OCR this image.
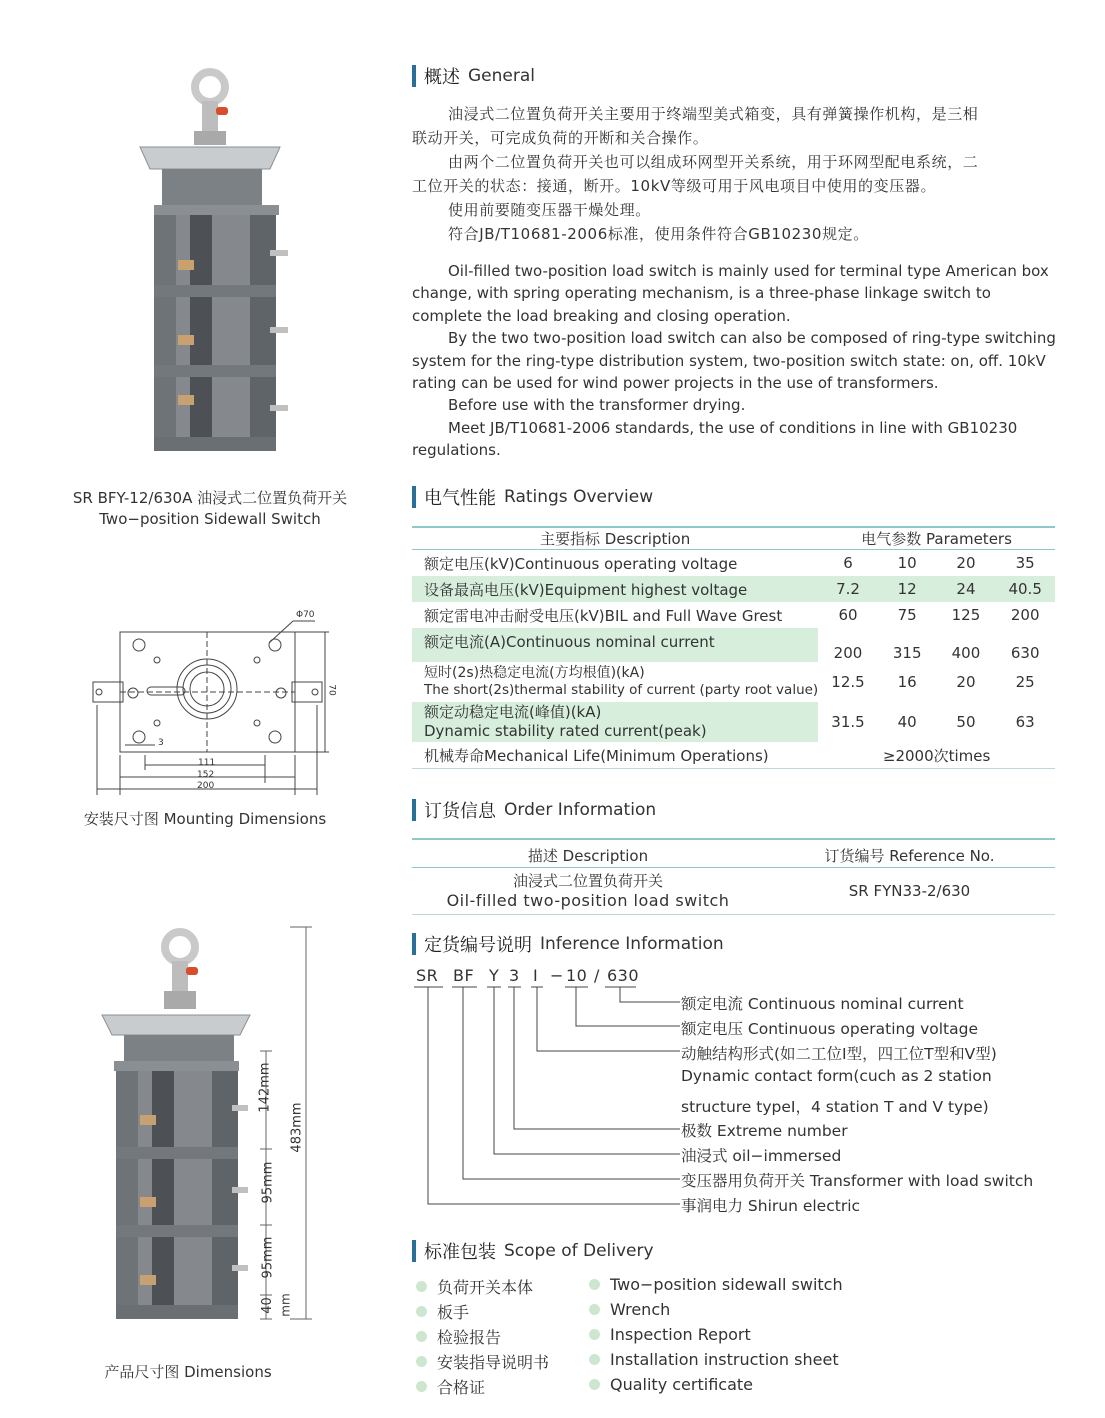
SR BFY-12/630A 油浸式二位置负荷开关
Two−position Sidewall Switch
Φ70
70
3
111
152
200
安装尺寸图 Mounting Dimensions
142mm
483mm
95mm
95mm
40 mm
产品尺寸图 Dimensions
概述 General
油浸式二位置负荷开关主要用于终端型美式箱变，具有弹簧操作机构，是三相
联动开关，可完成负荷的开断和关合操作。
由两个二位置负荷开关也可以组成环网型开关系统，用于环网型配电系统，二
工位开关的状态：接通，断开。10kV等级可用于风电项目中使用的变压器。
使用前要随变压器干燥处理。
符合JB/T10681-2006标准，使用条件符合GB10230规定。
Oil-filled two-position load switch is mainly used for terminal type American box change, with spring operating mechanism, is a three-phase linkage switch to complete the load breaking and closing operation.
By the two two-position load switch can also be composed of ring-type switching system for the ring-type distribution system, two-position switch state: on, off. 10kV rating can be used for wind power projects in the use of transformers.
Before use with the transformer drying.
Meet JB/T10681-2006 standards, the use of conditions in line with GB10230 regulations.
电气性能 Ratings Overview
主要指标 Description	电气参数 Parameters			
额定电压(kV)Continuous operating voltage	6	10	20	35
设备最高电压(kV)Equipment highest voltage	7.2	12	24	40.5
额定雷电冲击耐受电压(kV)BIL and Full Wave Grest	60	75	125	200
额定电流(A)Continuous nominal current	200	315	400	630

短时(2s)热稳定电流(方均根值)(kA)
The short(2s)thermal stability of current (party root value)	12.5	16	20	25

额定动稳定电流(峰值)(kA)
Dynamic stability rated current(peak)	31.5	40	50	63
机械寿命Mechanical Life(Minimum Operations)	≥2000次times			
订货信息 Order Information
描述 Description	订货编号 Reference No.

油浸式二位置负荷开关
Oil-filled two-position load switch	SR FYN33-2/630
定货编号说明 Inference Information
SR BF Y 3 I − 10 / 630
额定电流 Continuous nominal current
额定电压 Continuous operating voltage
动触结构形式(如二工位Ⅰ型，四工位T型和V型)
Dynamic contact form(cuch as 2 station
structure typeⅠ，4 station T and V type)
极数 Extreme number
油浸式 oil−immersed
变压器用负荷开关 Transformer with load switch
事润电力 Shirun electric
标准包装 Scope of Delivery
负荷开关本体
板手
检验报告
安装指导说明书
合格证
Two−position sidewall switch
Wrench
Inspection Report
Installation instruction sheet
Quality certificate
